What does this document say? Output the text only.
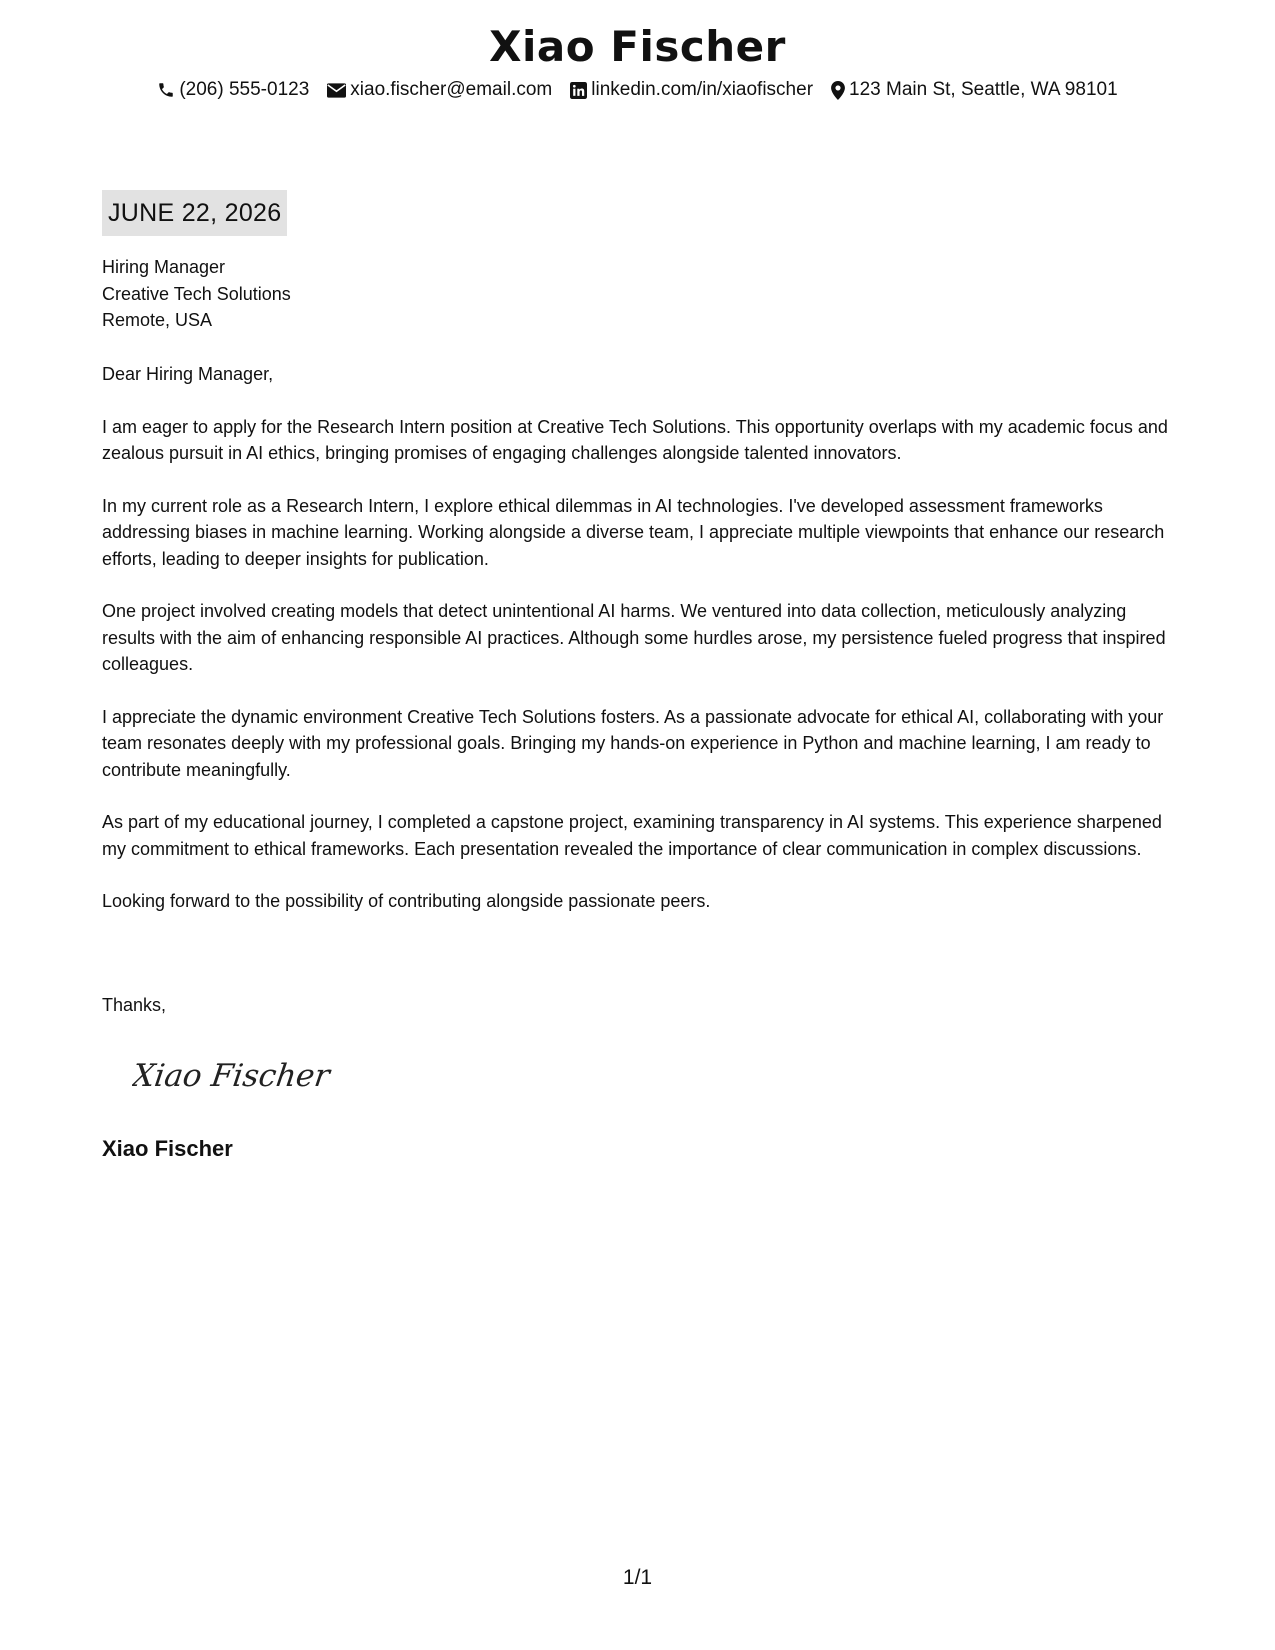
Xiao Fischer
(206) 555-0123 xiao.fischer@email.com linkedin.com/in/xiaofischer 123 Main St, Seattle, WA 98101
JUNE 22, 2026
Hiring Manager
Creative Tech Solutions
Remote, USA

Dear Hiring Manager,

I am eager to apply for the Research Intern position at Creative Tech Solutions. This opportunity overlaps with my academic focus and zealous pursuit in AI ethics, bringing promises of engaging challenges alongside talented innovators.

In my current role as a Research Intern, I explore ethical dilemmas in AI technologies. I've developed assessment frameworks addressing biases in machine learning. Working alongside a diverse team, I appreciate multiple viewpoints that enhance our research efforts, leading to deeper insights for publication.

One project involved creating models that detect unintentional AI harms. We ventured into data collection, meticulously analyzing results with the aim of enhancing responsible AI practices. Although some hurdles arose, my persistence fueled progress that inspired colleagues.

I appreciate the dynamic environment Creative Tech Solutions fosters. As a passionate advocate for ethical AI, collaborating with your team resonates deeply with my professional goals. Bringing my hands-on experience in Python and machine learning, I am ready to contribute meaningfully.

As part of my educational journey, I completed a capstone project, examining transparency in AI systems. This experience sharpened my commitment to ethical frameworks. Each presentation revealed the importance of clear communication in complex discussions.

Looking forward to the possibility of contributing alongside passionate peers.

Thanks,
Xiao Fischer
Xiao Fischer
1/1
